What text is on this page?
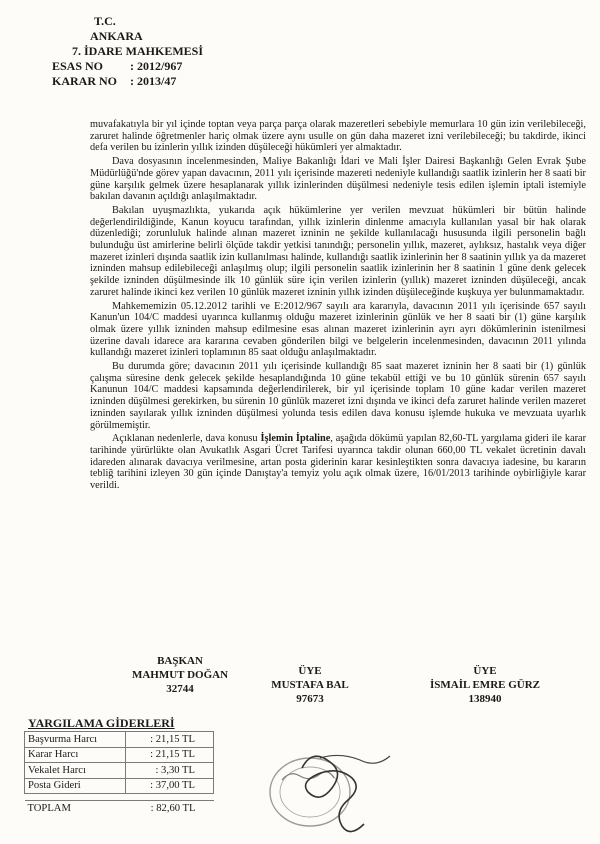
T.C.
ANKARA
7. İDARE MAHKEMESİ
ESAS NO	: 2012/967
KARAR NO	: 2013/47

muvafakatıyla bir yıl içinde toptan veya parça parça olarak mazeretleri sebebiyle memurlara 10 gün izin verilebileceği, zaruret halinde öğretmenler hariç olmak üzere aynı usulle on gün daha mazeret izni verilebileceği; bu takdirde, ikinci defa verilen bu izinlerin yıllık izinden düşüleceği hükümleri yer almaktadır.

Dava dosyasının incelenmesinden, Maliye Bakanlığı İdari ve Mali İşler Dairesi Başkanlığı Gelen Evrak Şube Müdürlüğü'nde görev yapan davacının, 2011 yılı içerisinde mazereti nedeniyle kullandığı saatlik izinlerin her 8 saati bir güne karşılık gelmek üzere hesaplanarak yıllık izinlerinden düşülmesi nedeniyle tesis edilen işlemin iptali istemiyle bakılan davanın açıldığı anlaşılmaktadır.

Bakılan uyuşmazlıkta, yukarıda açık hükümlerine yer verilen mevzuat hükümleri bir bütün halinde değerlendirildiğinde, Kanun koyucu tarafından, yıllık izinlerin dinlenme amacıyla kullanılan yasal bir hak olarak düzenlediği; zorunluluk halinde alınan mazeret izninin ne şekilde kullanılacağı hususunda ilgili personelin bağlı bulunduğu üst amirlerine belirli ölçüde takdir yetkisi tanındığı; personelin yıllık, mazeret, aylıksız, hastalık veya diğer mazeret izinleri dışında saatlik izin kullanılması halinde, kullandığı saatlik izinlerinin her 8 saatinin yıllık ya da mazeret izninden mahsup edilebileceği anlaşılmış olup; ilgili personelin saatlik izinlerinin her 8 saatinin 1 güne denk gelecek şekilde izninden düşülmesinde ilk 10 günlük süre için verilen izinlerin (yıllık) mazeret izninden düşüleceği, ancak zaruret halinde ikinci kez verilen 10 günlük mazeret izninin yıllık izinden düşüleceğinde kuşkuya yer bulunmamaktadır.

Mahkememizin 05.12.2012 tarihli ve E:2012/967 sayılı ara kararıyla, davacının 2011 yılı içerisinde 657 sayılı Kanun'un 104/C maddesi uyarınca kullanmış olduğu mazeret izinlerinin günlük ve her 8 saati bir (1) güne karşılık olmak üzere yıllık izninden mahsup edilmesine esas alınan mazeret izinlerinin ayrı ayrı dökümlerinin istenilmesi üzerine davalı idarece ara kararına cevaben gönderilen bilgi ve belgelerin incelenmesinden, davacının 2011 yılında kullandığı mazeret izinleri toplamının 85 saat olduğu anlaşılmaktadır.

Bu durumda göre; davacının 2011 yılı içerisinde kullandığı 85 saat mazeret izninin her 8 saati bir (1) günlük çalışma süresine denk gelecek şekilde hesaplandığında 10 güne tekabül ettiği ve bu 10 günlük sürenin 657 sayılı Kanunun 104/C maddesi kapsamında değerlendirilerek, bir yıl içerisinde toplam 10 güne kadar verilen mazeret izninden düşülmesi gerekirken, bu sürenin 10 günlük mazeret izni dışında ve ikinci defa zaruret halinde verilen mazeret izninden sayılarak yıllık izninden düşülmesi yolunda tesis edilen dava konusu işlemde hukuka ve mevzuata uyarlık görülmemiştir.

Açıklanan nedenlerle, dava konusu İşlemin İptaline, aşağıda dökümü yapılan 82,60-TL yargılama gideri ile karar tarihinde yürürlükte olan Avukatlık Asgari Ücret Tarifesi uyarınca takdir olunan 660,00 TL vekalet ücretinin davalı idareden alınarak davacıya verilmesine, artan posta giderinin karar kesinleştikten sonra davacıya iadesine, bu kararın tebliğ tarihini izleyen 30 gün içinde Danıştay'a temyiz yolu açık olmak üzere, 16/01/2013 tarihinde oybirliğiyle karar verildi.

BAŞKAN
MAHMUT DOĞAN
32744
ÜYE
MUSTAFA BAL
97673
ÜYE
İSMAİL EMRE GÜRZ
138940
YARGILAMA GİDERLERİ
Başvurma Harcı	: 21,15 TL
Karar Harcı	: 21,15 TL
Vekalet Harcı	: 3,30 TL
Posta Gideri	: 37,00 TL

TOPLAM	: 82,60 TL
